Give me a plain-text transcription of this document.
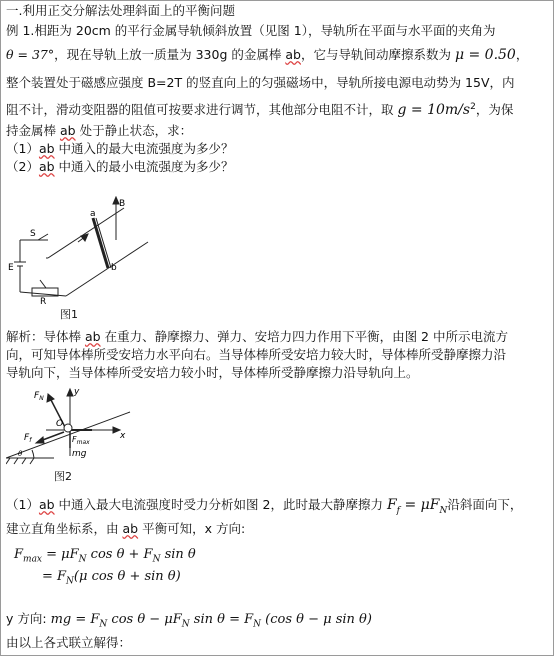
一.利用正交分解法处理斜面上的平衡问题
例 1.相距为 20cm 的平行金属导轨倾斜放置（见图 1），导轨所在平面与水平面的夹角为
θ = 37°，现在导轨上放一质量为 330g 的金属棒 ab，它与导轨间动摩擦系数为 μ = 0.50，
整个装置处于磁感应强度 B=2T 的竖直向上的匀强磁场中，导轨所接电源电动势为 15V，内
阻不计，滑动变阻器的阻值可按要求进行调节，其他部分电阻不计，取 $g = 10m/s^2$，为保
持金属棒 ab 处于静止状态，求：
（1）ab 中通入的最大电流强度为多少？
（2）ab 中通入的最小电流强度为多少？
a
b
B
S
E
R
图1
解析：导体棒 ab 在重力、静摩擦力、弹力、安培力四力作用下平衡，由图 2 中所示电流方
向，可知导体棒所受安培力水平向右。当导体棒所受安培力较大时，导体棒所受静摩擦力沿
导轨向下，当导体棒所受安培力较小时，导体棒所受静摩擦力沿导轨向上。
$F_N$
y
$F_f$
O
$F_{max}$
x
mg
θ
图2
（1）ab 中通入最大电流强度时受力分析如图 2，此时最大静摩擦力 $F_f = \mu F_N$沿斜面向下，
建立直角坐标系，由 ab 平衡可知，x 方向:
$F_{max} = \mu F_N$ $\cos \theta + F_N$ sin θ
= $F_N(\mu$ cos θ + sin θ)
y 方向: mg = $F_N$ $\cos \theta - \mu F_N$ $\sin \theta = F_N$ (cos θ − μ sin θ)
由以上各式联立解得：
